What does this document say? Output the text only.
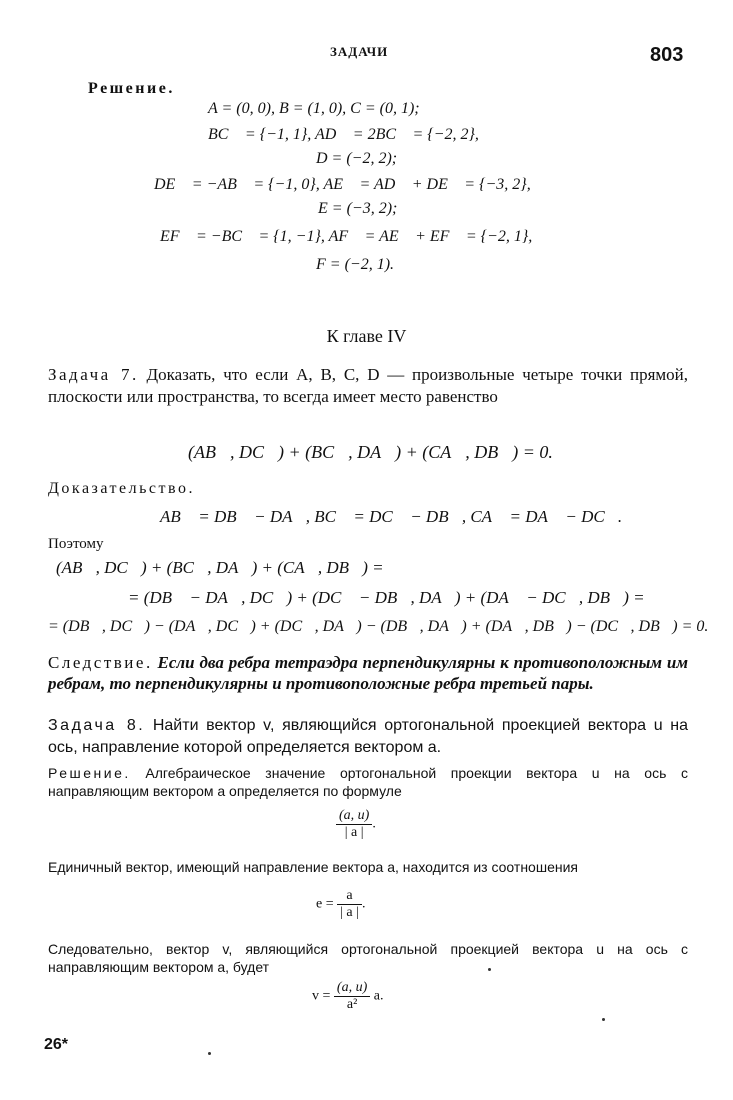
ЗАДАЧИ	803
Решение.
A = (0, 0), B = (1, 0), C = (0, 1);
BC⃗ = {−1, 1}, AD⃗ = 2BC⃗ = {−2, 2},
D = (−2, 2);
DE⃗ = −AB⃗ = {−1, 0}, AE⃗ = AD⃗ + DE⃗ = {−3, 2},
E = (−3, 2);
EF⃗ = −BC⃗ = {1, −1}, AF⃗ = AE⃗ + EF⃗ = {−2, 1},
F = (−2, 1).
К главе IV
Задача 7. Доказать, что если A, B, C, D — произвольные четыре точки прямой, плоскости или пространства, то всегда имеет место равенство
(AB⃗, DC⃗) + (BC⃗, DA⃗) + (CA⃗, DB⃗) = 0.
Доказательство.
AB⃗ = DB⃗ − DA⃗, BC⃗ = DC⃗ − DB⃗, CA⃗ = DA⃗ − DC⃗.
Поэтому
(AB⃗, DC⃗) + (BC⃗, DA⃗) + (CA⃗, DB⃗) =
= (DB⃗ − DA⃗, DC⃗) + (DC⃗ − DB⃗, DA⃗) + (DA⃗ − DC⃗, DB⃗) =
= (DB⃗, DC⃗) − (DA⃗, DC⃗) + (DC⃗, DA⃗) − (DB⃗, DA⃗) + (DA⃗, DB⃗) − (DC⃗, DB⃗) = 0.
Следствие. Если два ребра тетраэдра перпендикулярны к противоположным им ребрам, то перпендикулярны и противоположные ребра третьей пары.
Задача 8. Найти вектор v, являющийся ортогональной проекцией вектора u на ось, направление которой определяется вектором a.
Решение. Алгебраическое значение ортогональной проекции вектора u на ось с направляющим вектором a определяется по формуле
$\frac{(a, u)}{| a |}$ .
Единичный вектор, имеющий направление вектора a, находится из соотношения
$e = \frac{a}{| a |}$ .
Следовательно, вектор v, являющийся ортогональной проекцией вектора u на ось с направляющим вектором a, будет
$v = \frac{(a, u)}{\text{a²}} a$.
26*
